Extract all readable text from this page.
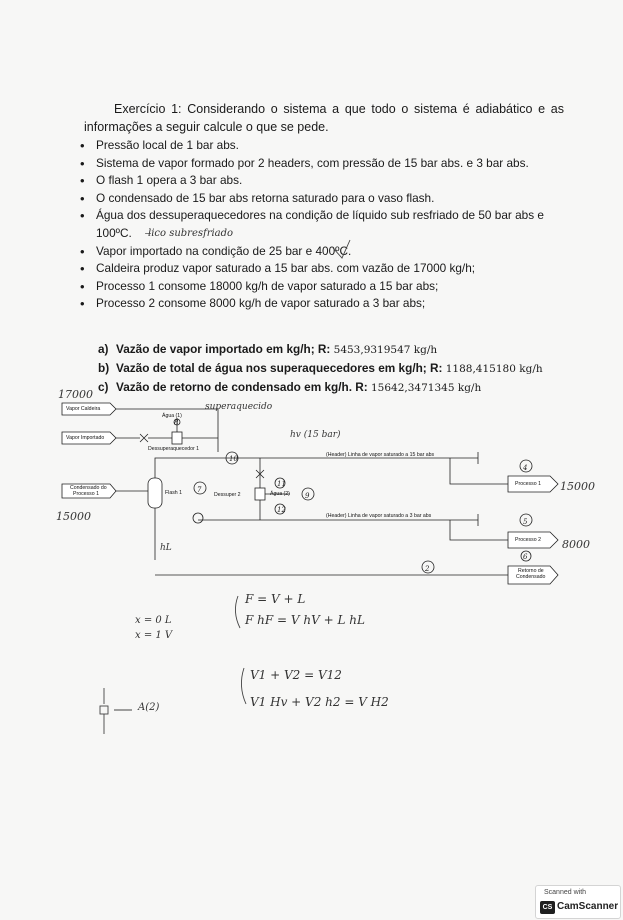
Exercício 1: Considerando o sistema a que todo o sistema é adiabático e as informações a seguir calcule o que se pede.
• Pressão local de 1 bar abs.
• Sistema de vapor formado por 2 headers, com pressão de 15 bar abs. e 3 bar abs.
• O flash 1 opera a 3 bar abs.
• O condensado de 15 bar abs retorna saturado para o vaso flash.
• Água dos dessuperaquecedores na condição de líquido sub resfriado de 50 bar abs e 100ºC.
• Vapor importado na condição de 25 bar e 400ºC.
• Caldeira produz vapor saturado a 15 bar abs. com vazão de 17000 kg/h;
• Processo 1 consome 18000 kg/h de vapor saturado a 15 bar abs;
• Processo 2 consome 8000 kg/h de vapor saturado a 3 bar abs;
l̶ico subresfriado
a) Vazão de vapor importado em kg/h; R: 5453,9319547 kg/h
b) Vazão de total de água nos superaquecedores em kg/h; R: 1188,415180 kg/h
c) Vazão de retorno de condensado em kg/h. R: 15642,3471345 kg/h
7
4
5
6
2
9
11
12
10
8
Vapor Caldeira
Vapor Importado
Condensado do
Processo 1
Água (1)
Dessuperaquecedor 1
Flash 1	Dessuper 2	Água (2)
(Header) Linha de vapor saturado a 15 bar abs
(Header) Linha de vapor saturado a 3 bar abs
Processo 1
Processo 2
Retorno de
Condensado
17000
15000
15000
8000
superaquecido
hv (15 bar)
hL
F = V + L
F hF = V hV + L hL
x = 0 L
x = 1 V
V1 + V2 = V12
V1 Hv + V2 h2 = V H2
A(2)
Scanned with
CS CamScanner
